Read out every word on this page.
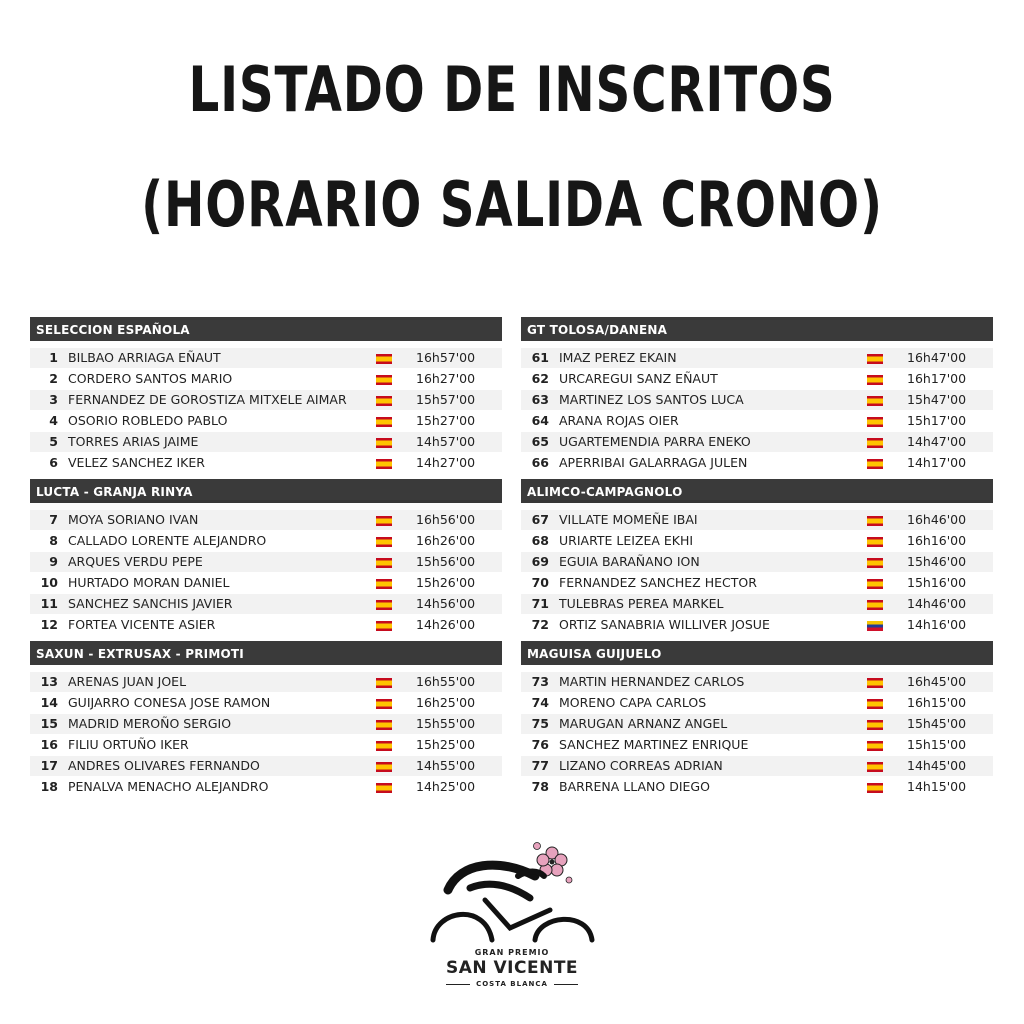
LISTADO DE INSCRITOS
(HORARIO SALIDA CRONO)
SELECCION ESPAÑOLA
1 BILBAO ARRIAGA EÑAUT	16h57'00
2 CORDERO SANTOS MARIO	16h27'00
3 FERNANDEZ DE GOROSTIZA MITXELE AIMAR	15h57'00
4 OSORIO ROBLEDO PABLO	15h27'00
5 TORRES ARIAS JAIME	14h57'00
6 VELEZ SANCHEZ IKER	14h27'00
LUCTA - GRANJA RINYA
7 MOYA SORIANO IVAN	16h56'00
8 CALLADO LORENTE ALEJANDRO	16h26'00
9 ARQUES VERDU PEPE	15h56'00
10 HURTADO MORAN DANIEL	15h26'00
11 SANCHEZ SANCHIS JAVIER	14h56'00
12 FORTEA VICENTE ASIER	14h26'00
SAXUN - EXTRUSAX - PRIMOTI
13 ARENAS JUAN JOEL	16h55'00
14 GUIJARRO CONESA JOSE RAMON	16h25'00
15 MADRID MEROÑO SERGIO	15h55'00
16 FILIU ORTUÑO IKER	15h25'00
17 ANDRES OLIVARES FERNANDO	14h55'00
18 PENALVA MENACHO ALEJANDRO	14h25'00
GT TOLOSA/DANENA
61 IMAZ PEREZ EKAIN	16h47'00
62 URCAREGUI SANZ EÑAUT	16h17'00
63 MARTINEZ LOS SANTOS LUCA	15h47'00
64 ARANA ROJAS OIER	15h17'00
65 UGARTEMENDIA PARRA ENEKO	14h47'00
66 APERRIBAI GALARRAGA JULEN	14h17'00
ALIMCO-CAMPAGNOLO
67 VILLATE MOMEÑE IBAI	16h46'00
68 URIARTE LEIZEA EKHI	16h16'00
69 EGUIA BARAÑANO ION	15h46'00
70 FERNANDEZ SANCHEZ HECTOR	15h16'00
71 TULEBRAS PEREA MARKEL	14h46'00
72 ORTIZ SANABRIA WILLIVER JOSUE	14h16'00
MAGUISA GUIJUELO
73 MARTIN HERNANDEZ CARLOS	16h45'00
74 MORENO CAPA CARLOS	16h15'00
75 MARUGAN ARNANZ ANGEL	15h45'00
76 SANCHEZ MARTINEZ ENRIQUE	15h15'00
77 LIZANO CORREAS ADRIAN	14h45'00
78 BARRENA LLANO DIEGO	14h15'00
GRAN PREMIO
SAN VICENTE
COSTA BLANCA
